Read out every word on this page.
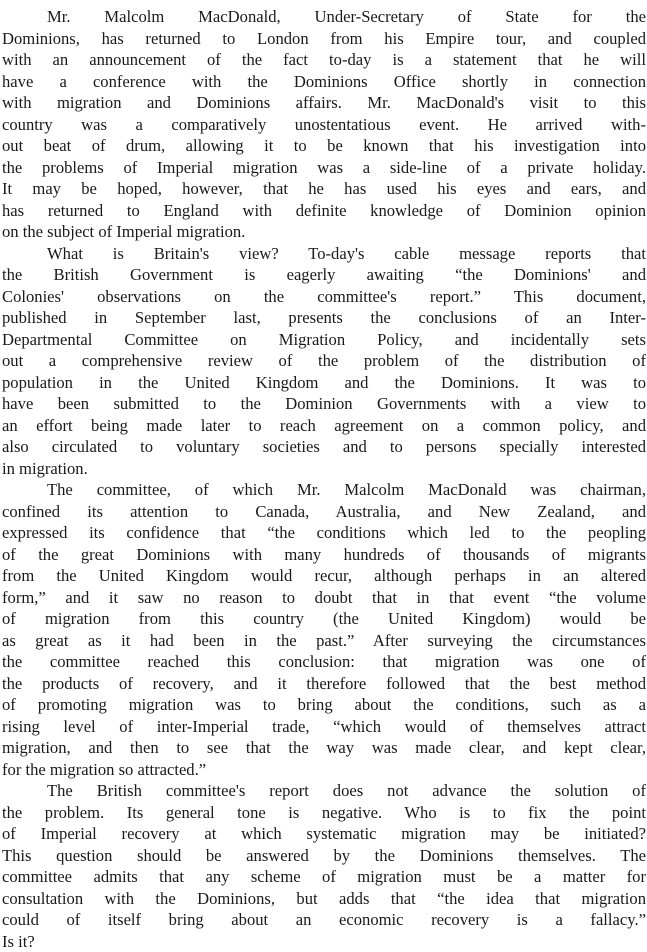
Mr. Malcolm MacDonald, Under-Secretary of State for the
Dominions, has returned to London from his Empire tour, and coupled
with an announcement of the fact to-day is a statement that he will
have a conference with the Dominions Office shortly in connection
with migration and Dominions affairs. Mr. MacDonald's visit to this
country was a comparatively unostentatious event. He arrived with-
out beat of drum, allowing it to be known that his investigation into
the problems of Imperial migration was a side-line of a private holiday.
It may be hoped, however, that he has used his eyes and ears, and
has returned to England with definite knowledge of Dominion opinion
on the subject of Imperial migration.
What is Britain's view? To-day's cable message reports that
the British Government is eagerly awaiting “the Dominions' and
Colonies' observations on the committee's report.” This document,
published in September last, presents the conclusions of an Inter-
Departmental Committee on Migration Policy, and incidentally sets
out a comprehensive review of the problem of the distribution of
population in the United Kingdom and the Dominions. It was to
have been submitted to the Dominion Governments with a view to
an effort being made later to reach agreement on a common policy, and
also circulated to voluntary societies and to persons specially interested
in migration.
The committee, of which Mr. Malcolm MacDonald was chairman,
confined its attention to Canada, Australia, and New Zealand, and
expressed its confidence that “the conditions which led to the peopling
of the great Dominions with many hundreds of thousands of migrants
from the United Kingdom would recur, although perhaps in an altered
form,” and it saw no reason to doubt that in that event “the volume
of migration from this country (the United Kingdom) would be
as great as it had been in the past.” After surveying the circumstances
the committee reached this conclusion: that migration was one of
the products of recovery, and it therefore followed that the best method
of promoting migration was to bring about the conditions, such as a
rising level of inter-Imperial trade, “which would of themselves attract
migration, and then to see that the way was made clear, and kept clear,
for the migration so attracted.”
The British committee's report does not advance the solution of
the problem. Its general tone is negative. Who is to fix the point
of Imperial recovery at which systematic migration may be initiated?
This question should be answered by the Dominions themselves. The
committee admits that any scheme of migration must be a matter for
consultation with the Dominions, but adds that “the idea that migration
could of itself bring about an economic recovery is a fallacy.”
Is it?
